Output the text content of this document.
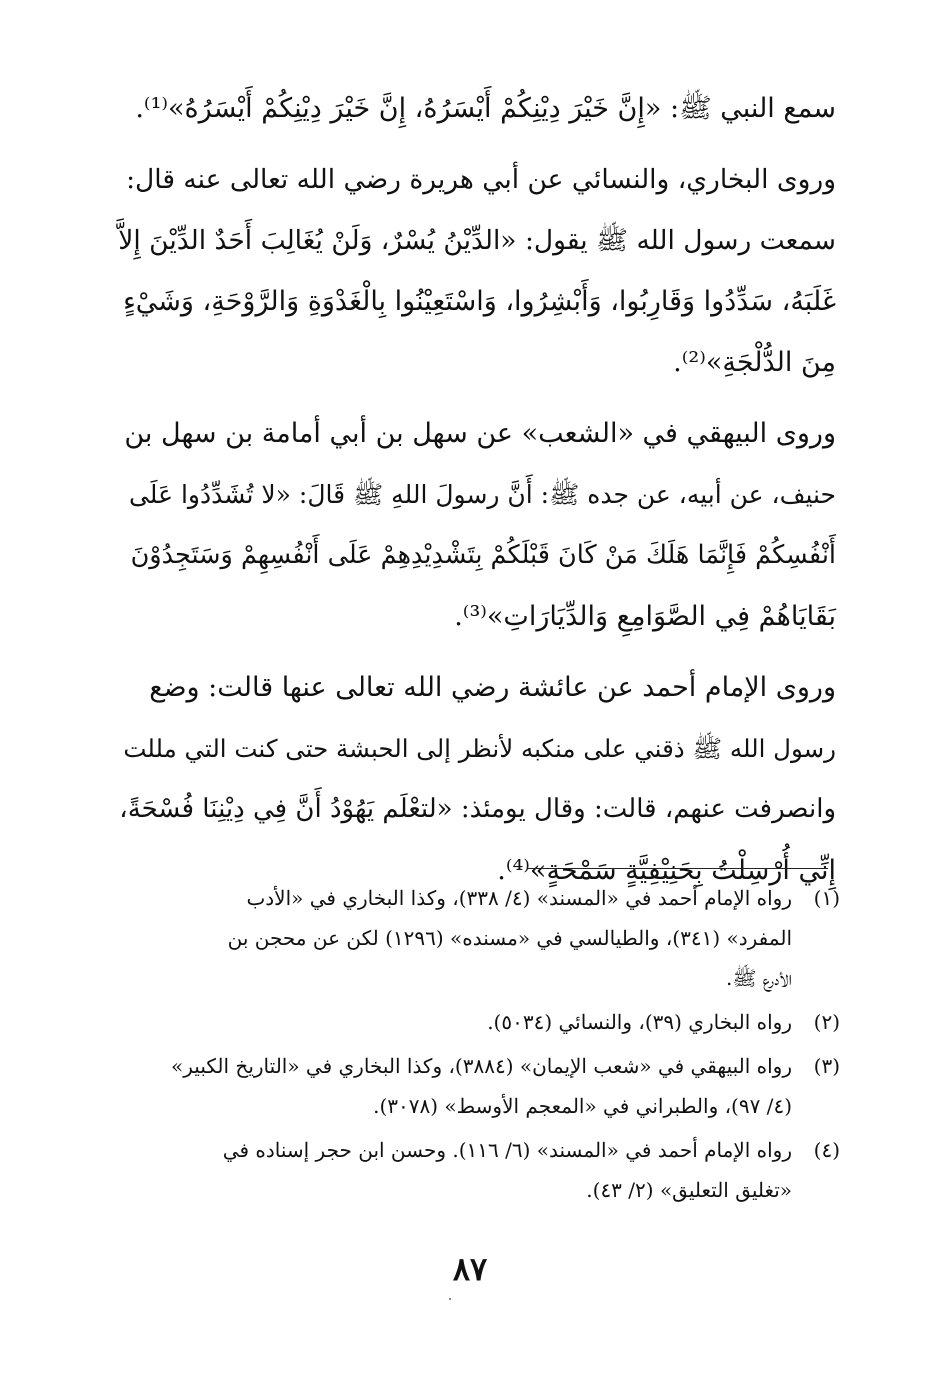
سمع النبي ﷺ: «إِنَّ خَيْرَ دِيْنِكُمْ أَيْسَرُهُ، إِنَّ خَيْرَ دِيْنِكُمْ أَيْسَرُهُ»⁽¹⁾.

وروى البخاري، والنسائي عن أبي هريرة رضي الله تعالى عنه قال:
سمعت رسول الله ﷺ يقول: «الدِّيْنُ يُسْرٌ، وَلَنْ يُغَالِبَ أَحَدٌ الدِّيْنَ إِلاَّ
غَلَبَهُ، سَدِّدُوا وَقَارِبُوا، وَأَبْشِرُوا، وَاسْتَعِيْنُوا بِالْغَدْوَةِ وَالرَّوْحَةِ، وَشَيْءٍ
مِنَ الدُّلْجَةِ»⁽²⁾.

وروى البيهقي في «الشعب» عن سهل بن أبي أمامة بن سهل بن
حنيف، عن أبيه، عن جده ﷺ: أَنَّ رسولَ اللهِ ﷺ قَالَ: «لا تُشَدِّدُوا عَلَى
أَنْفُسِكُمْ فَإِنَّمَا هَلَكَ مَنْ كَانَ قَبْلَكُمْ بِتَشْدِيْدِهِمْ عَلَى أَنْفُسِهِمْ وَسَتَجِدُوْنَ
بَقَايَاهُمْ فِي الصَّوَامِعِ وَالدِّيَارَاتِ»⁽³⁾.

وروى الإمام أحمد عن عائشة رضي الله تعالى عنها قالت: وضع
رسول الله ﷺ ذقني على منكبه لأنظر إلى الحبشة حتى كنت التي مللت
وانصرفت عنهم، قالت: وقال يومئذ: «لتعْلَم يَهُوْدُ أَنَّ فِي دِيْنِنَا فُسْحَةً،
إِنِّي أُرْسِلْتُ بِحَنِيْفِيَّةٍ سَمْحَةٍ»⁽⁴⁾.

(١)
رواه الإمام أحمد في «المسند» (٤/ ٣٣٨)، وكذا البخاري في «الأدب
المفرد» (٣٤١)، والطيالسي في «مسنده» (١٢٩٦) لكن عن محجن بن
الأدرع ﷺ.
(٢)
رواه البخاري (٣٩)، والنسائي (٥٠٣٤).
(٣)
رواه البيهقي في «شعب الإيمان» (٣٨٨٤)، وكذا البخاري في «التاريخ الكبير»
(٤/ ٩٧)، والطبراني في «المعجم الأوسط» (٣٠٧٨).
(٤)
رواه الإمام أحمد في «المسند» (٦/ ١١٦). وحسن ابن حجر إسناده في
«تغليق التعليق» (٢/ ٤٣).
٨٧
